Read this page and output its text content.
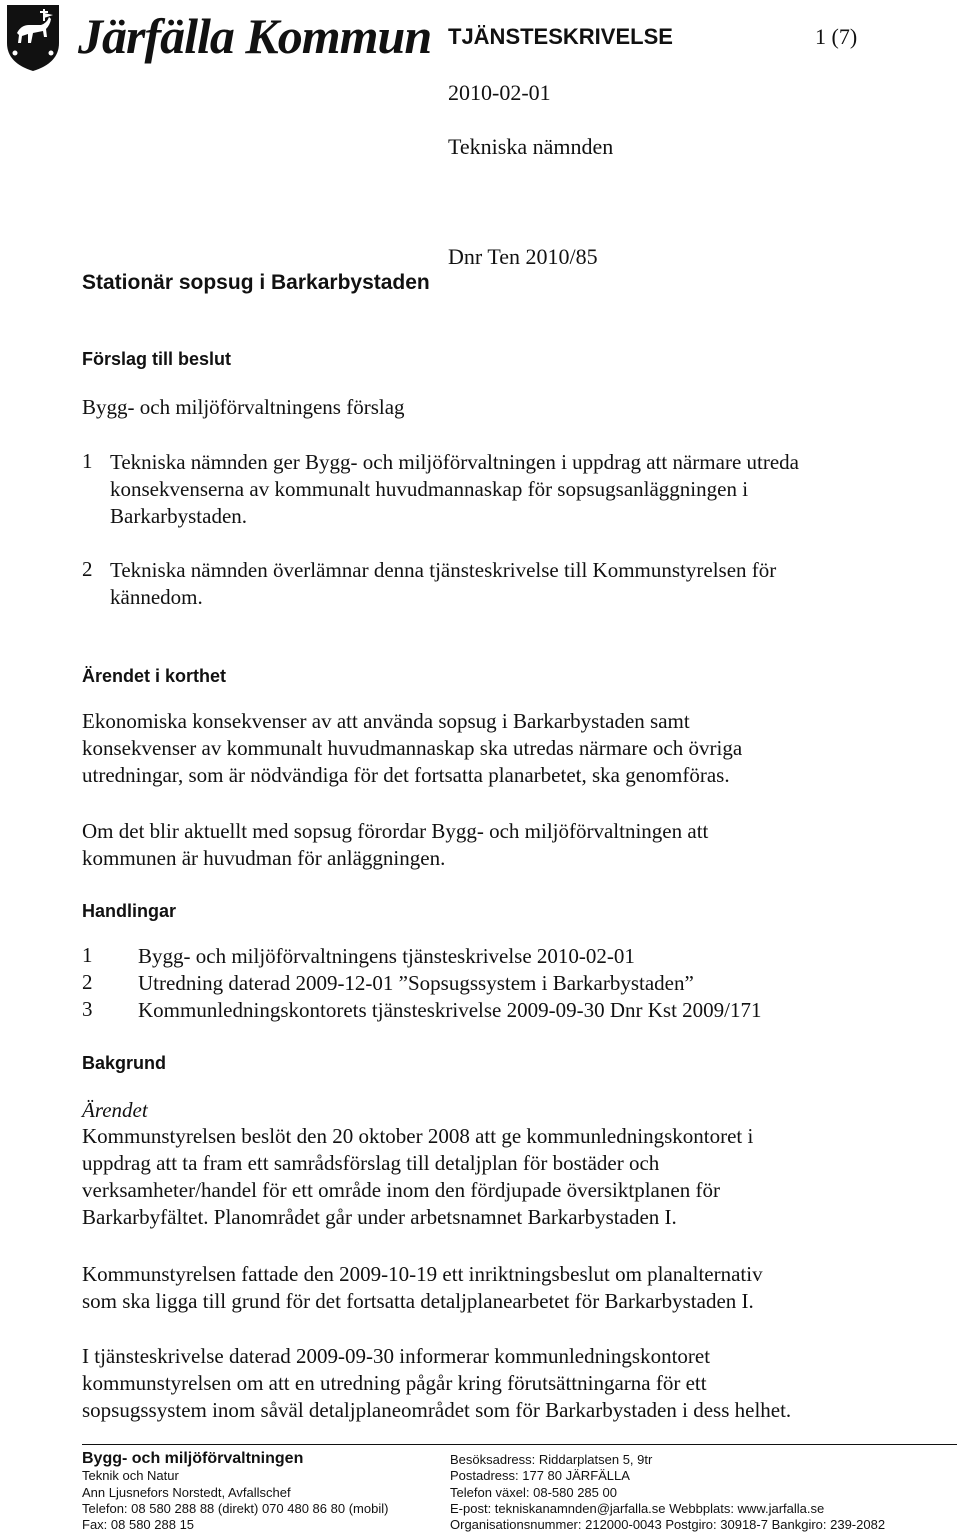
Järfälla Kommun TJÄNSTESKRIVELSE	1 (7)
2010-02-01
Tekniska nämnden
Dnr Ten 2010/85
Stationär sopsug i Barkarbystaden
Förslag till beslut
Bygg- och miljöförvaltningens förslag
1 Tekniska nämnden ger Bygg- och miljöförvaltningen i uppdrag att närmare utreda
konsekvenserna av kommunalt huvudmannaskap för sopsugsanläggningen i
Barkarbystaden.
2 Tekniska nämnden överlämnar denna tjänsteskrivelse till Kommunstyrelsen för
kännedom.
Ärendet i korthet
Ekonomiska konsekvenser av att använda sopsug i Barkarbystaden samt
konsekvenser av kommunalt huvudmannaskap ska utredas närmare och övriga
utredningar, som är nödvändiga för det fortsatta planarbetet, ska genomföras.
Om det blir aktuellt med sopsug förordar Bygg- och miljöförvaltningen att
kommunen är huvudman för anläggningen.
Handlingar
1 Bygg- och miljöförvaltningens tjänsteskrivelse 2010-02-01
2 Utredning daterad 2009-12-01 ”Sopsugssystem i Barkarbystaden”
3 Kommunledningskontorets tjänsteskrivelse 2009-09-30 Dnr Kst 2009/171
Bakgrund
Ärendet
Kommunstyrelsen beslöt den 20 oktober 2008 att ge kommunledningskontoret i
uppdrag att ta fram ett samrådsförslag till detaljplan för bostäder och
verksamheter/handel för ett område inom den fördjupade översiktplanen för
Barkarbyfältet. Planområdet går under arbetsnamnet Barkarbystaden I.
Kommunstyrelsen fattade den 2009-10-19 ett inriktningsbeslut om planalternativ
som ska ligga till grund för det fortsatta detaljplanearbetet för Barkarbystaden I.
I tjänsteskrivelse daterad 2009-09-30 informerar kommunledningskontoret
kommunstyrelsen om att en utredning pågår kring förutsättningarna för ett
sopsugssystem inom såväl detaljplaneområdet som för Barkarbystaden i dess helhet.
Bygg- och miljöförvaltningen
Teknik och Natur
Ann Ljusnefors Norstedt, Avfallschef
Telefon: 08 580 288 88 (direkt) 070 480 86 80 (mobil)
Fax: 08 580 288 15
Besöksadress: Riddarplatsen 5, 9tr
Postadress: 177 80 JÄRFÄLLA
Telefon växel: 08-580 285 00
E-post: tekniskanamnden@jarfalla.se Webbplats: www.jarfalla.se
Organisationsnummer: 212000-0043 Postgiro: 30918-7 Bankgiro: 239-2082
